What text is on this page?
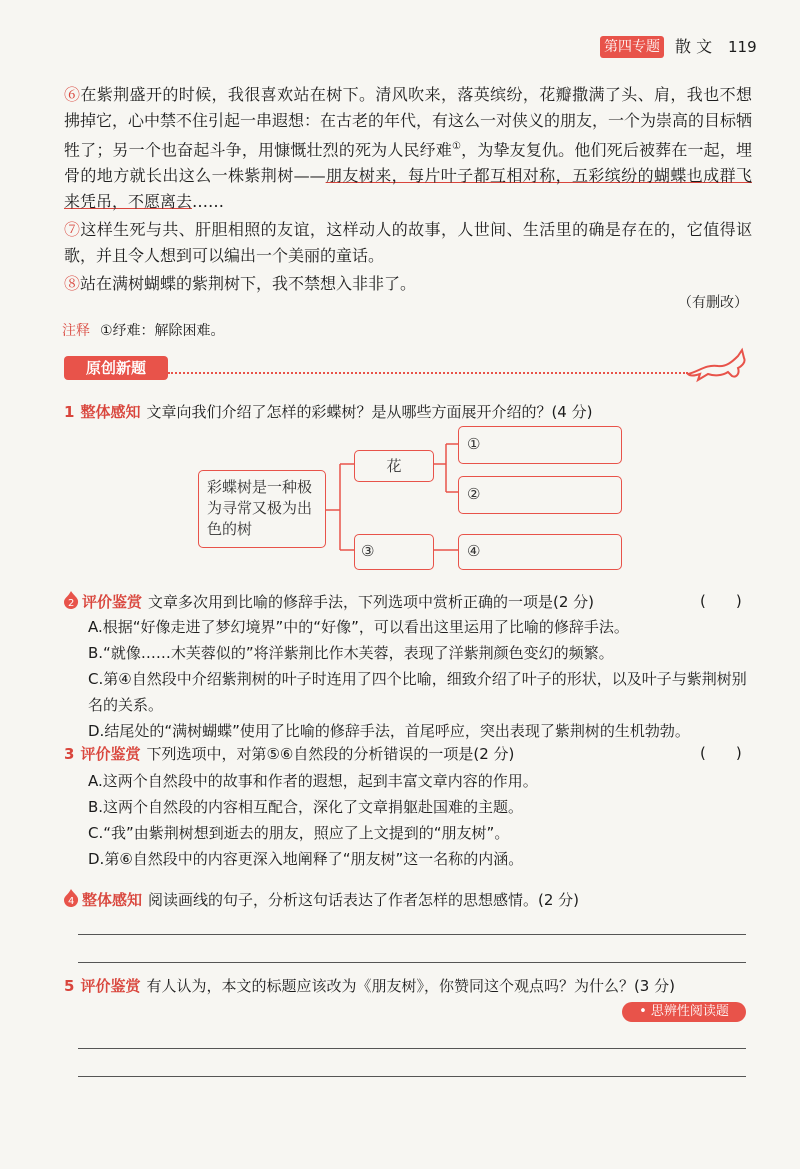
第四专题 散 文 119

⑥在紫荆盛开的时候，我很喜欢站在树下。清风吹来，落英缤纷，花瓣撒满了头、肩，我也不想拂掉它，心中禁不住引起一串遐想：在古老的年代，有这么一对侠义的朋友，一个为崇高的目标牺牲了；另一个也奋起斗争，用慷慨壮烈的死为人民纾难①，为挚友复仇。他们死后被葬在一起，埋骨的地方就长出这么一株紫荆树——朋友树来，每片叶子都互相对称，五彩缤纷的蝴蝶也成群飞来凭吊，不愿离去……

⑦这样生死与共、肝胆相照的友谊，这样动人的故事，人世间、生活里的确是存在的，它值得讴歌，并且令人想到可以编出一个美丽的童话。

⑧站在满树蝴蝶的紫荆树下，我不禁想入非非了。

（有删改）
注释 ①纾难：解除困难。
原创新题
1 整体感知 文章向我们介绍了怎样的彩蝶树？是从哪些方面展开介绍的？(4 分)
彩蝶树是一种极为寻常又极为出色的树
花
①
②
③	④
2 评价鉴赏 文章多次用到比喻的修辞手法，下列选项中赏析正确的一项是(2 分)	(　　)
A.根据“好像走进了梦幻境界”中的“好像”，可以看出这里运用了比喻的修辞手法。
B.“就像……木芙蓉似的”将洋紫荆比作木芙蓉，表现了洋紫荆颜色变幻的频繁。
C.第④自然段中介绍紫荆树的叶子时连用了四个比喻，细致介绍了叶子的形状，以及叶子与紫荆树别名的关系。
D.结尾处的“满树蝴蝶”使用了比喻的修辞手法，首尾呼应，突出表现了紫荆树的生机勃勃。
3 评价鉴赏 下列选项中，对第⑤⑥自然段的分析错误的一项是(2 分)	(　　)
A.这两个自然段中的故事和作者的遐想，起到丰富文章内容的作用。
B.这两个自然段的内容相互配合，深化了文章捐躯赴国难的主题。
C.“我”由紫荆树想到逝去的朋友，照应了上文提到的“朋友树”。
D.第⑥自然段中的内容更深入地阐释了“朋友树”这一名称的内涵。
4 整体感知 阅读画线的句子，分析这句话表达了作者怎样的思想感情。(2 分)
5 评价鉴赏 有人认为，本文的标题应该改为《朋友树》，你赞同这个观点吗？为什么？(3 分)
• 思辨性阅读题
